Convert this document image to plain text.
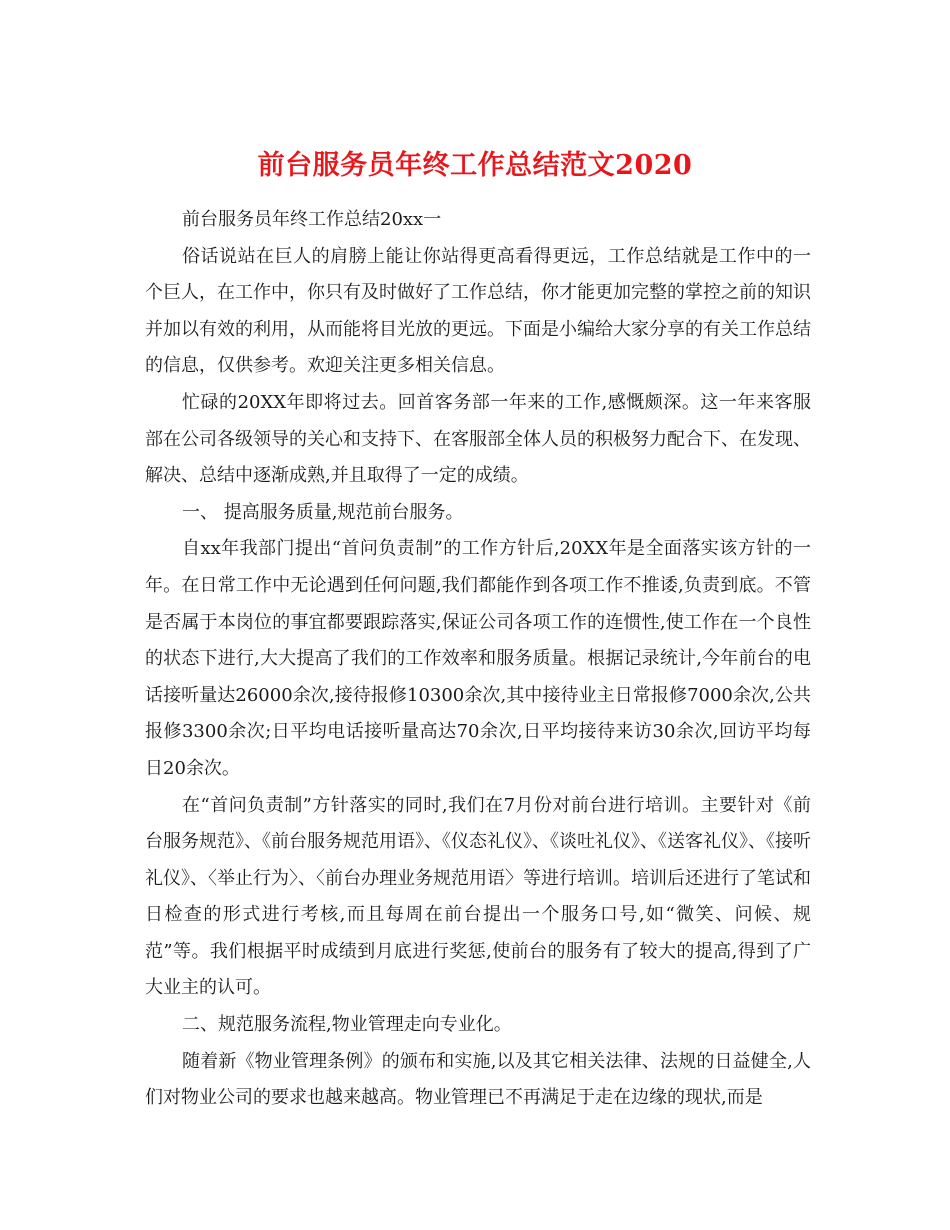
前台服务员年终工作总结范文2020

前台服务员年终工作总结20xx一

俗话说站在巨人的肩膀上能让你站得更高看得更远，工作总结就是工作中的一个巨人，在工作中，你只有及时做好了工作总结，你才能更加完整的掌控之前的知识并加以有效的利用，从而能将目光放的更远。下面是小编给大家分享的有关工作总结的信息，仅供参考。欢迎关注更多相关信息。

忙碌的20XX年即将过去。回首客务部一年来的工作,感慨颇深。这一年来客服部在公司各级领导的关心和支持下、在客服部全体人员的积极努力配合下、在发现、解决、总结中逐渐成熟,并且取得了一定的成绩。

一、 提高服务质量,规范前台服务。

自xx年我部门提出“首问负责制”的工作方针后,20XX年是全面落实该方针的一年。在日常工作中无论遇到任何问题,我们都能作到各项工作不推诿,负责到底。不管是否属于本岗位的事宜都要跟踪落实,保证公司各项工作的连惯性,使工作在一个良性的状态下进行,大大提高了我们的工作效率和服务质量。根据记录统计,今年前台的电话接听量达26000余次,接待报修10300余次,其中接待业主日常报修7000余次,公共报修3300余次;日平均电话接听量高达70余次,日平均接待来访30余次,回访平均每日20余次。

在“首问负责制”方针落实的同时,我们在7月份对前台进行培训。主要针对《前台服务规范》、《前台服务规范用语》、《仪态礼仪》、《谈吐礼仪》、《送客礼仪》、《接听礼仪》、〈举止行为〉、〈前台办理业务规范用语〉等进行培训。培训后还进行了笔试和日检查的形式进行考核,而且每周在前台提出一个服务口号,如“微笑、问候、规范”等。我们根据平时成绩到月底进行奖惩,使前台的服务有了较大的提高,得到了广大业主的认可。

二、规范服务流程,物业管理走向专业化。

随着新《物业管理条例》的颁布和实施,以及其它相关法律、法规的日益健全,人们对物业公司的要求也越来越高。物业管理已不再满足于走在边缘的现状,而是
